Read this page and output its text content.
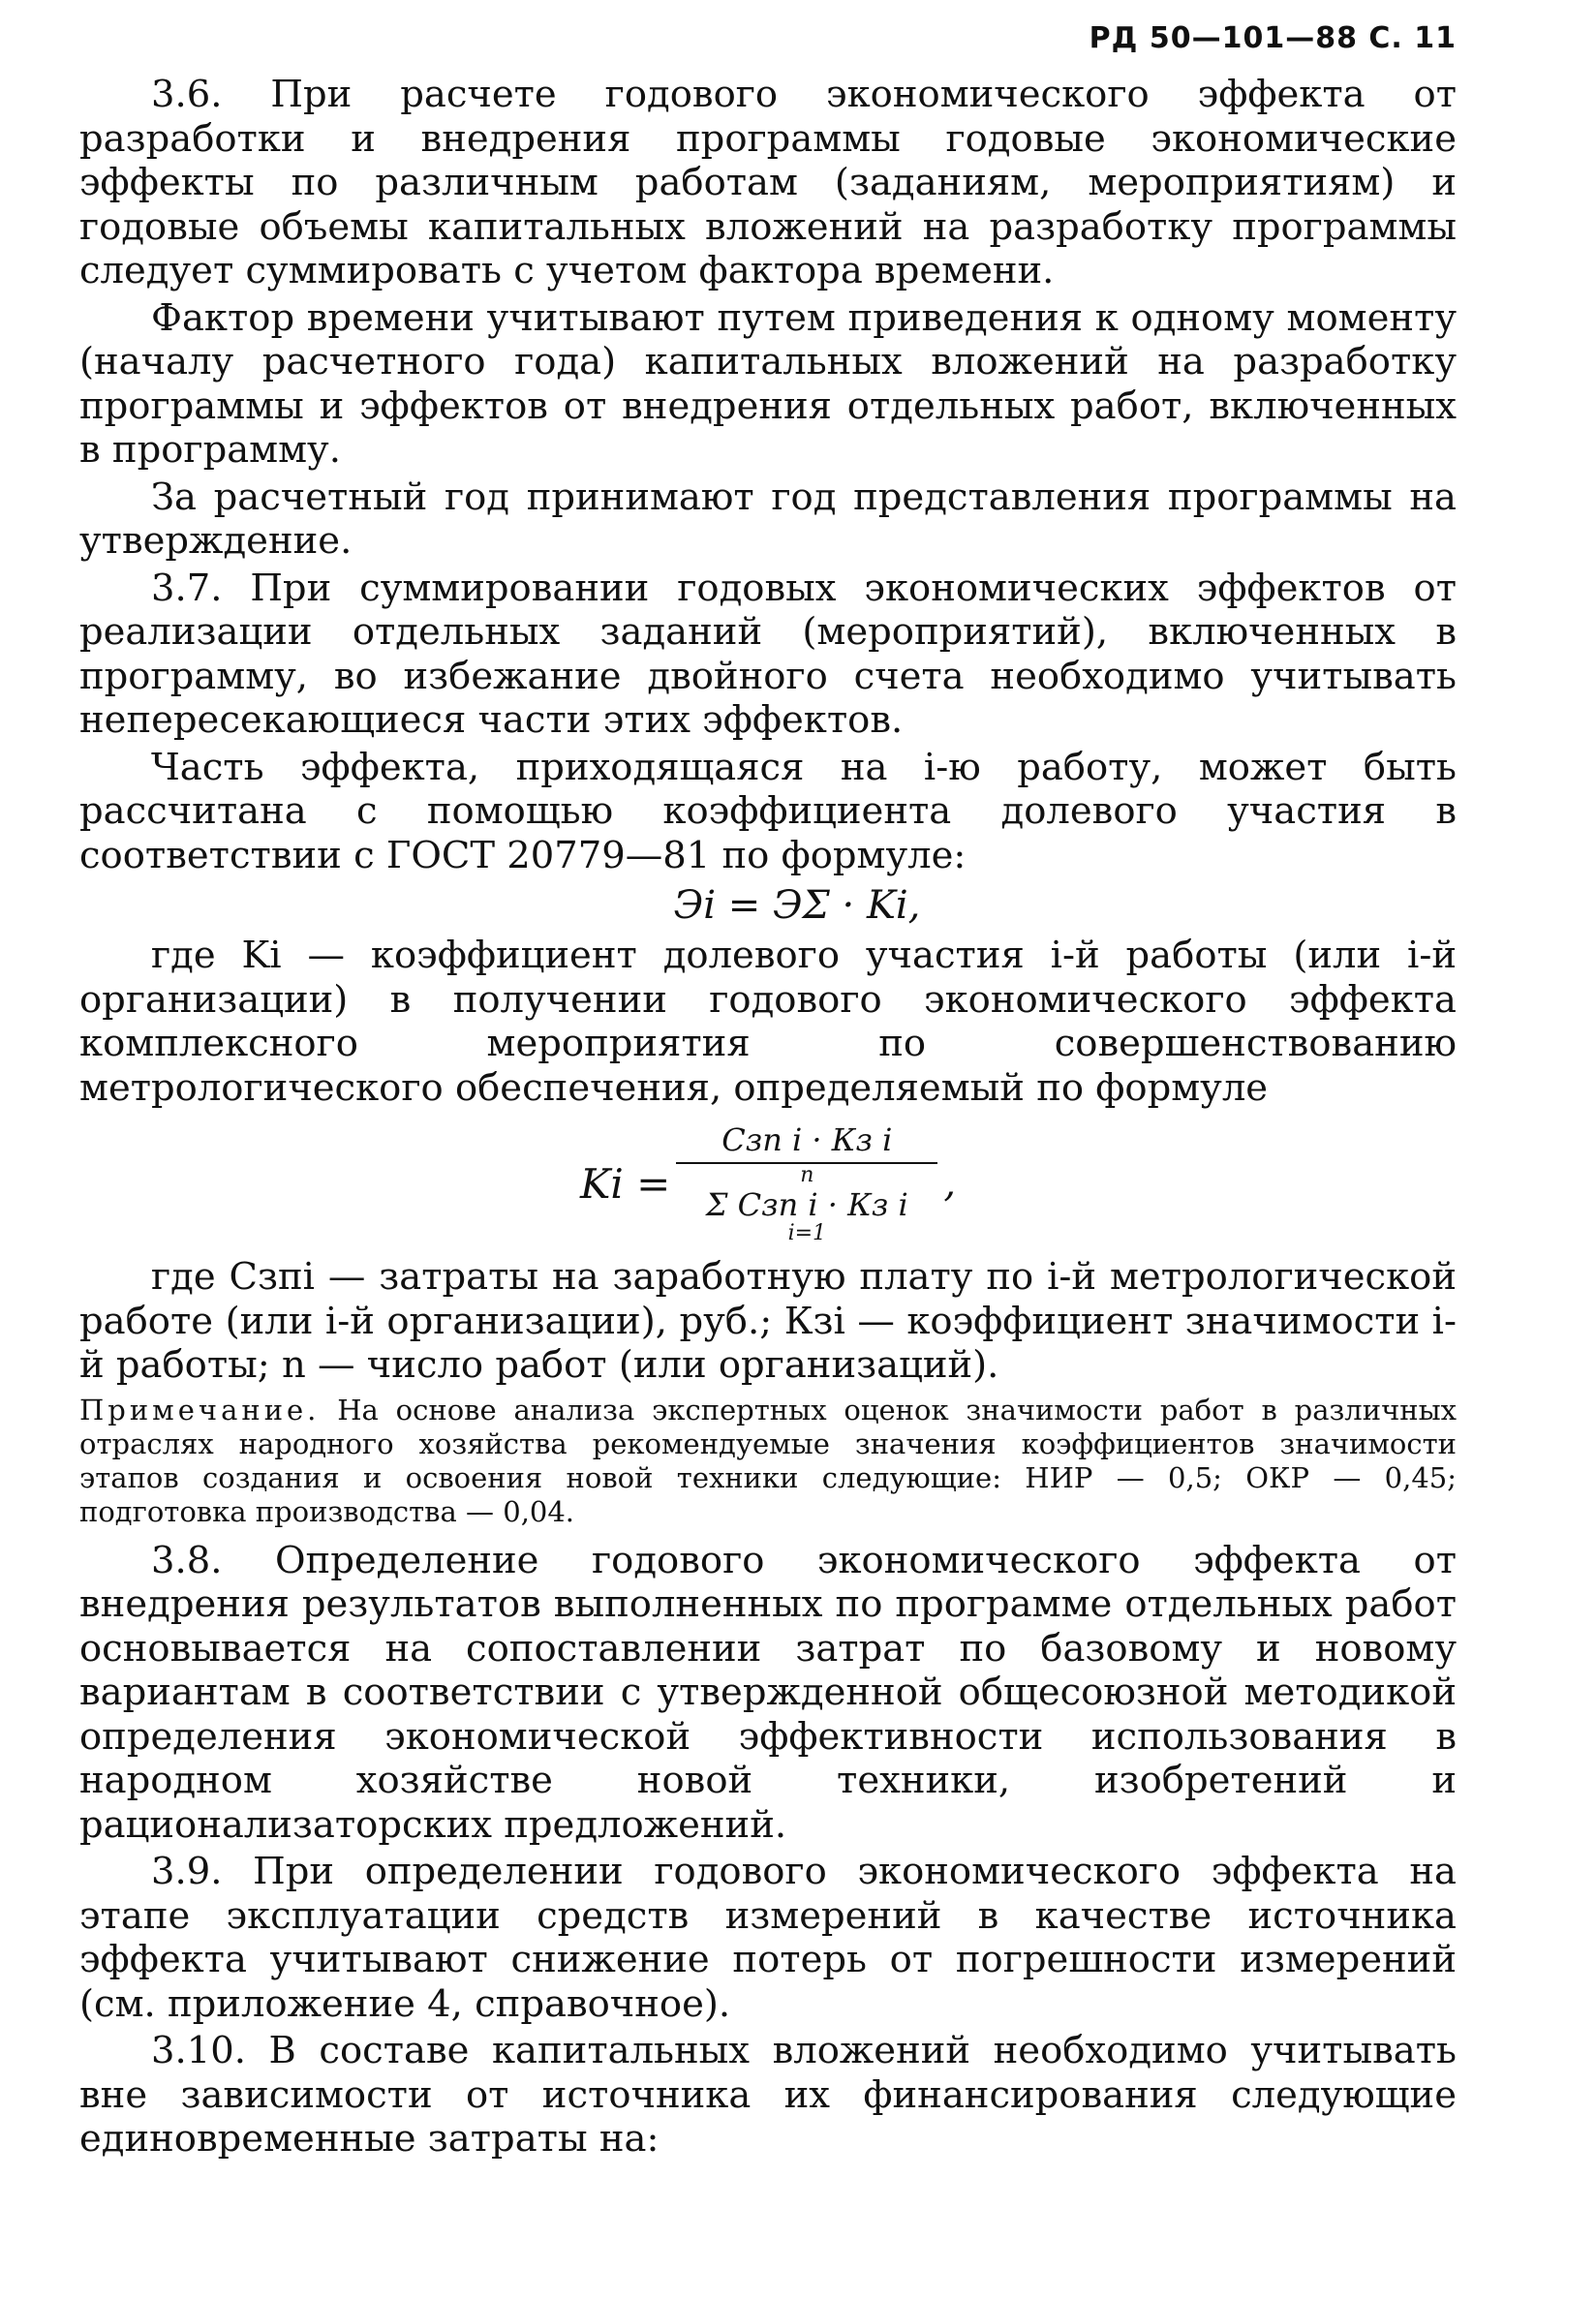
РД 50—101—88 С. 11

3.6. При расчете годового экономического эффекта от разработки и внедрения программы годовые экономические эффекты по различным работам (заданиям, мероприятиям) и годовые объемы капитальных вложений на разработку программы следует суммировать с учетом фактора времени.

Фактор времени учитывают путем приведения к одному моменту (началу расчетного года) капитальных вложений на разработку программы и эффектов от внедрения отдельных работ, включенных в программу.

За расчетный год принимают год представления программы на утверждение.

3.7. При суммировании годовых экономических эффектов от реализации отдельных заданий (мероприятий), включенных в программу, во избежание двойного счета необходимо учитывать непересекающиеся части этих эффектов.

Часть эффекта, приходящаяся на i-ю работу, может быть рассчитана с помощью коэффициента долевого участия в соответствии с ГОСТ 20779—81 по формуле:

Эi = ЭΣ · Ki,

где Ki — коэффициент долевого участия i-й работы (или i-й организации) в получении годового экономического эффекта комплексного мероприятия по совершенствованию метрологического обеспечения, определяемый по формуле

Ki =
Сзп i · Кз i
n
Σ Сзп i · Кз i
i=1
,

где Сзпi — затраты на заработную плату по i-й метрологической работе (или i-й организации), руб.; Кзi — коэффициент значимости i-й работы; n — число работ (или организаций).

Примечание. На основе анализа экспертных оценок значимости работ в различных отраслях народного хозяйства рекомендуемые значения коэффициентов значимости этапов создания и освоения новой техники следующие: НИР — 0,5; ОКР — 0,45; подготовка производства — 0,04.

3.8. Определение годового экономического эффекта от внедрения результатов выполненных по программе отдельных работ основывается на сопоставлении затрат по базовому и новому вариантам в соответствии с утвержденной общесоюзной методикой определения экономической эффективности использования в народном хозяйстве новой техники, изобретений и рационализаторских предложений.

3.9. При определении годового экономического эффекта на этапе эксплуатации средств измерений в качестве источника эффекта учитывают снижение потерь от погрешности измерений (см. приложение 4, справочное).

3.10. В составе капитальных вложений необходимо учитывать вне зависимости от источника их финансирования следующие единовременные затраты на:
